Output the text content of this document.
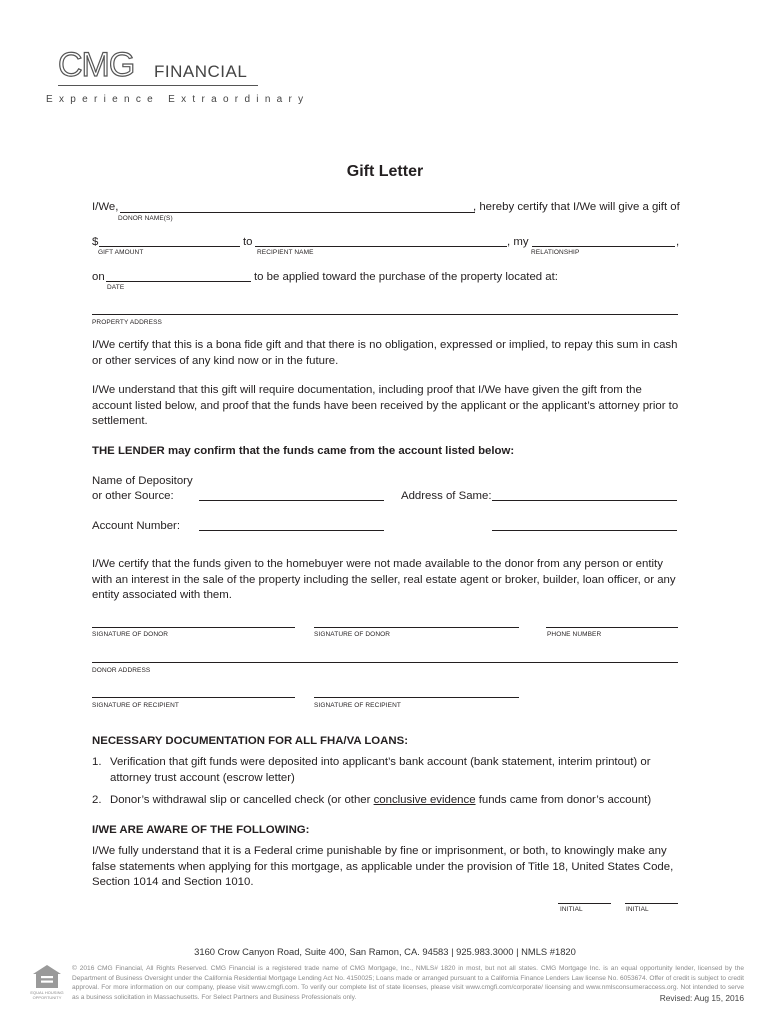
CMG FINANCIAL
Experience Extraordinary
Gift Letter
I/We,	, hereby certify that I/We will give a gift of
DONOR NAME(S)
$	to	, my	,
GIFT AMOUNT	RECIPIENT NAME	RELATIONSHIP
on	to be applied toward the purchase of the property located at:
DATE
PROPERTY ADDRESS
I/We certify that this is a bona fide gift and that there is no obligation, expressed or implied, to repay this sum in cash or other services of any kind now or in the future.
I/We understand that this gift will require documentation, including proof that I/We have given the gift from the account listed below, and proof that the funds have been received by the applicant or the applicant’s attorney prior to settlement.
THE LENDER may confirm that the funds came from the account listed below:
Name of Depository
or other Source:	Address of Same:
Account Number:
I/We certify that the funds given to the homebuyer were not made available to the donor from any person or entity with an interest in the sale of the property including the seller, real estate agent or broker, builder, loan officer, or any entity associated with them.
SIGNATURE OF DONOR	SIGNATURE OF DONOR	PHONE NUMBER
DONOR ADDRESS
SIGNATURE OF RECIPIENT	SIGNATURE OF RECIPIENT
NECESSARY DOCUMENTATION FOR ALL FHA/VA LOANS:
1. Verification that gift funds were deposited into applicant’s bank account (bank statement, interim printout) or attorney trust account (escrow letter)
2. Donor’s withdrawal slip or cancelled check (or other conclusive evidence funds came from donor’s account)
I/WE ARE AWARE OF THE FOLLOWING:
I/We fully understand that it is a Federal crime punishable by fine or imprisonment, or both, to knowingly make any false statements when applying for this mortgage, as applicable under the provision of Title 18, United States Code, Section 1014 and Section 1010.
INITIAL	INITIAL
3160 Crow Canyon Road, Suite 400, San Ramon, CA. 94583 | 925.983.3000 | NMLS #1820
EQUAL HOUSING
OPPORTUNITY
© 2016 CMG Financial, All Rights Reserved. CMG Financial is a registered trade name of CMG Mortgage, Inc., NMLS# 1820 in most, but not all states. CMG Mortgage Inc. is an equal opportunity lender, licensed by the Department of Business Oversight under the California Residential Mortgage Lending Act No. 4150025; Loans made or arranged pursuant to a California Finance Lenders Law license No. 6053674. Offer of credit is subject to credit approval. For more information on our company, please visit www.cmgfi.com. To verify our complete list of state licenses, please visit www.cmgfi.com/corporate/ licensing and www.nmlsconsumeraccess.org. Not intended to serve as a business solicitation in Massachusetts. For Select Partners and Business Professionals only.	Revised: Aug 15, 2016
